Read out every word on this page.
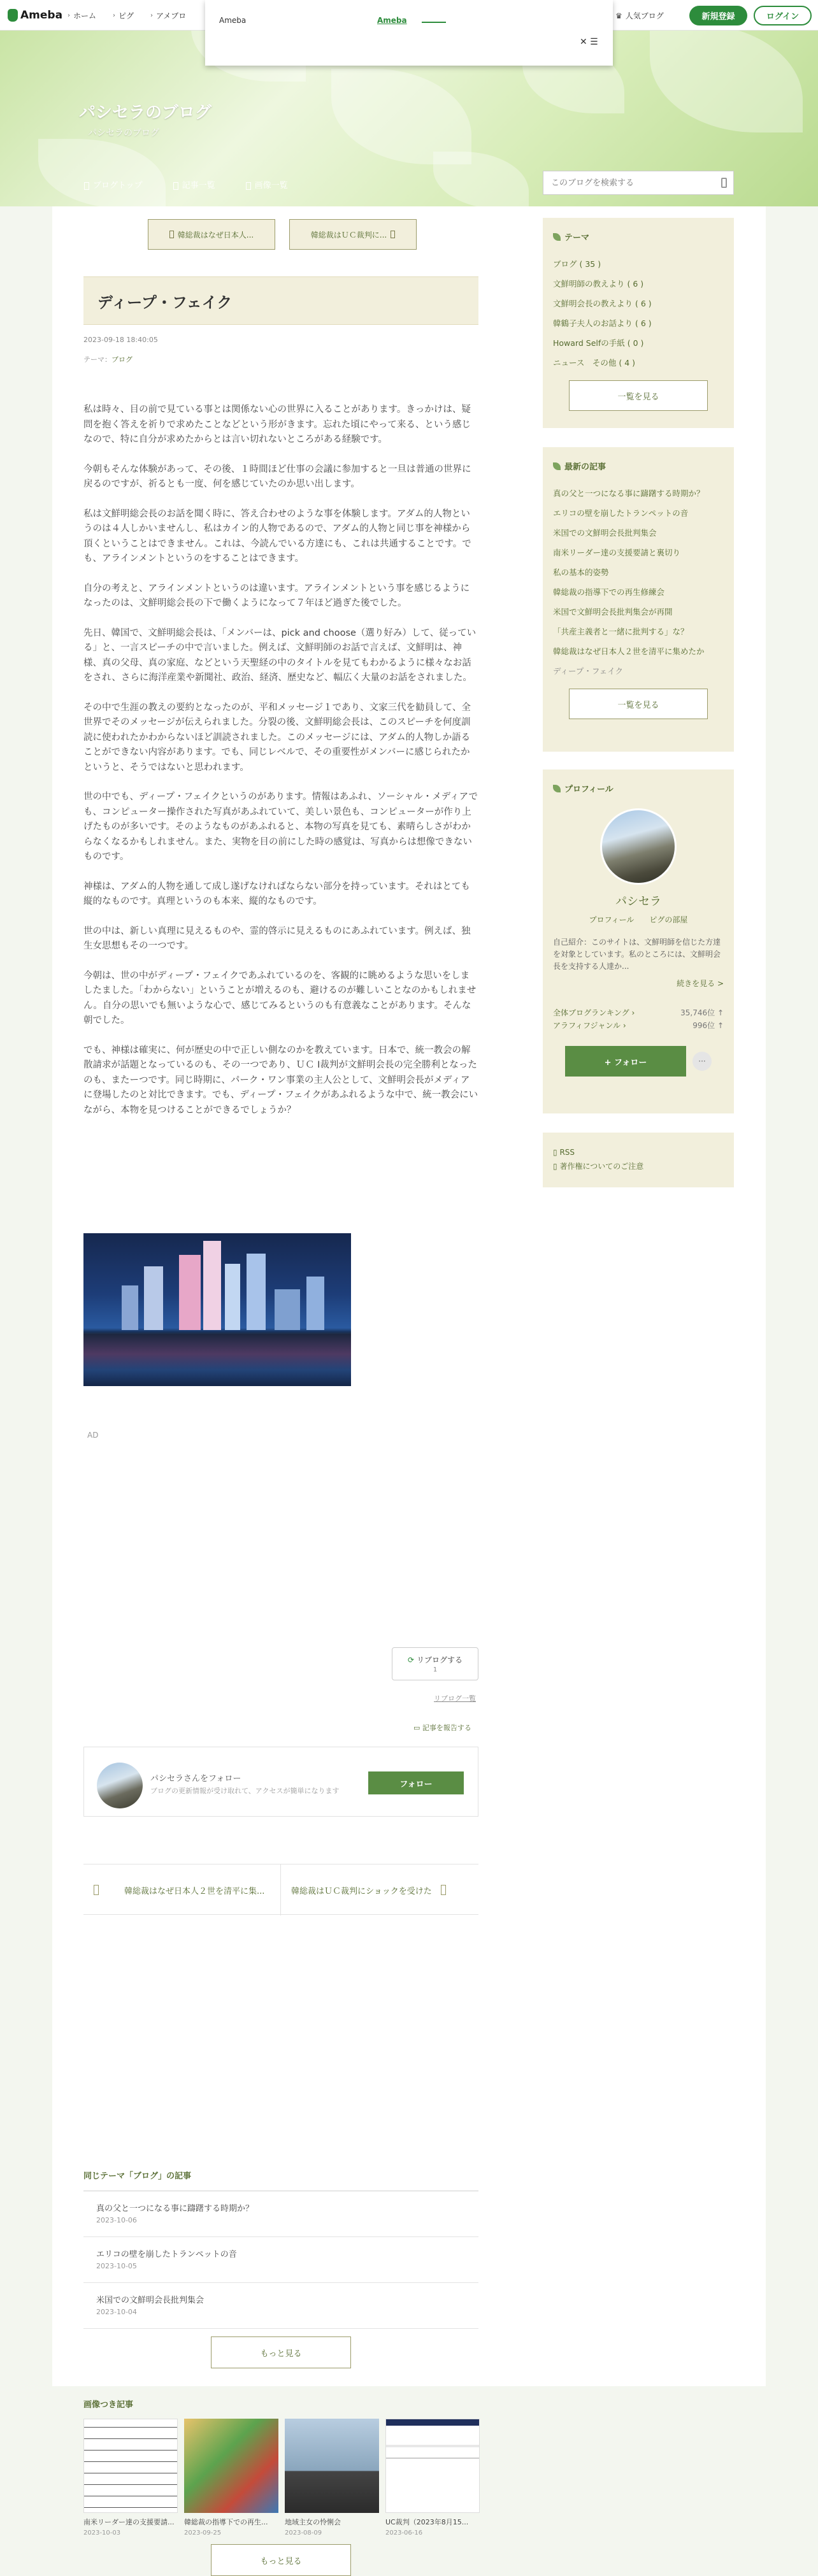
Ameba › ホーム	› ピグ	› アメブロ	♛ 人気ブログ	新規登録	ログイン
Ameba	Ameba
✕ ☰
パシセラのブログ
パシセラのブログ
ブログトップ	記事一覧	画像一覧
このブログを検索する
韓総裁はなぜ日本人...	韓総裁はＵＣ裁判に...
ディープ・フェイク
2023-09-18 18:40:05
テーマ：ブログ

私は時々、目の前で見ている事とは関係ない心の世界に入ることがあります。きっかけは、疑問を抱く答えを祈りで求めたことなどという形がきます。忘れた頃にやって来る、という感じなので、特に自分が求めたからとは言い切れないところがある経験です。

今朝もそんな体験があって、その後、１時間ほど仕事の会議に参加すると一旦は普通の世界に戻るのですが、祈るとも一度、何を感じていたのか思い出します。

私は文鮮明総会長のお話を聞く時に、答え合わせのような事を体験します。アダム的人物というのは４人しかいませんし、私はカイン的人物であるので、アダム的人物と同じ事を神様から頂くということはできません。これは、今読んでいる方達にも、これは共通することです。でも、アラインメントというのをすることはできます。

自分の考えと、アラインメントというのは違います。アラインメントという事を感じるようになったのは、文鮮明総会長の下で働くようになって７年ほど過ぎた後でした。

先日、韓国で、文鮮明総会長は、「メンバーは、pick and choose（選り好み）して、従っている」と、一言スピーチの中で言いました。例えば、文鮮明師のお話で言えば、文鮮明は、神様、真の父母、真の家庭、などという天聖経の中のタイトルを見てもわかるように様々なお話をされ、さらに海洋産業や新聞社、政治、経済、歴史など、幅広く大量のお話をされました。

その中で生涯の教えの要約となったのが、平和メッセージ１であり、文家三代を勧員して、全世界でそのメッセージが伝えられました。分裂の後、文鮮明総会長は、このスピーチを何度訓読に使われたかわからないほど訓読されました。このメッセージには、アダム的人物しか語ることができない内容があります。でも、同じレベルで、その重要性がメンバーに感じられたかというと、そうではないと思われます。

世の中でも、ディープ・フェイクというのがあります。情報はあふれ、ソーシャル・メディアでも、コンピューター操作された写真があふれていて、美しい景色も、コンピューターが作り上げたものが多いです。そのようなものがあふれると、本物の写真を見ても、素晴らしさがわからなくなるかもしれません。また、実物を目の前にした時の感覚は、写真からは想像できないものです。

神様は、アダム的人物を通して成し遂げなければならない部分を持っています。それはとても縦的なものです。真理というのも本来、縦的なものです。

世の中は、新しい真理に見えるものや、霊的啓示に見えるものにあふれています。例えば、独生女思想もその一つです。

今朝は、世の中がディープ・フェイクであふれているのを、客観的に眺めるような思いをしましたました。「わからない」ということが増えるのも、避けるのが難しいことなのかもしれません。自分の思いでも無いような心で、感じてみるというのも有意義なことがあります。そんな朝でした。

でも、神様は確実に、何が歴史の中で正しい側なのかを教えています。日本で、統一教会の解散請求が話題となっているのも、その一つであり、ＵＣ I裁判が文鮮明会長の完全勝利となったのも、またーつです。同じ時期に、パーク・ワン事業の主人公として、文鮮明会長がメディアに登場したのと対比できます。でも、ディープ・フェイクがあふれるような中で、統一教会にいながら、本物を見つけることができるでしょうか？

AD
⟳ リブログする
1
リブログ一覧
▭ 記事を報告する
パシセラさんをフォロー
ブログの更新情報が受け取れて、アクセスが簡単になります
フォロー
韓総裁はなぜ日本人２世を清平に集...	韓総裁はＵＣ裁判にショックを受けた
同じテーマ「ブログ」の記事
真の父と一つになる事に躊躇する時期か？
2023-10-06
エリコの壁を崩したトランペットの音
2023-10-05
米国での文鮮明会長批判集会
2023-10-04
もっと見る
画像つき記事
南米リーダー達の支援要請...
2023-10-03
韓総裁の指導下での再生...
2023-09-25
地域主女の怜悧会
2023-08-09
UC裁判（2023年8月15...
2023-06-16
もっと見る
テーマ
ブログ ( 35 )
文鮮明師の教えより ( 6 )
文鮮明会長の教えより ( 6 )
韓鶴子夫人のお話より ( 6 )
Howard Selfの手紙 ( 0 )
ニュース　その他 ( 4 )
一覧を見る
最新の記事
真の父と一つになる事に躊躇する時期か？
エリコの壁を崩したトランペットの音
米国での文鮮明会長批判集会
南米リーダー達の支援要請と裏切り
私の基本的姿勢
韓総裁の指導下での再生修練会
米国で文鮮明会長批判集会が再開
「共産主義者と一緒に批判する」な？
韓総裁はなぜ日本人２世を清平に集めたか
ディープ・フェイク
一覧を見る
プロフィール
パシセラ
プロフィール　　ピグの部屋
自己紹介：このサイトは、文鮮明師を信じた方達を対象としています。私のところには、文鮮明会長を支持する人達か...
続きを見る >
全体ブログランキング ›	35,746位 ↑
アラフィフジャンル ›	996位 ↑
+ フォロー	···
▯ RSS
▯ 著作権についてのご注意
